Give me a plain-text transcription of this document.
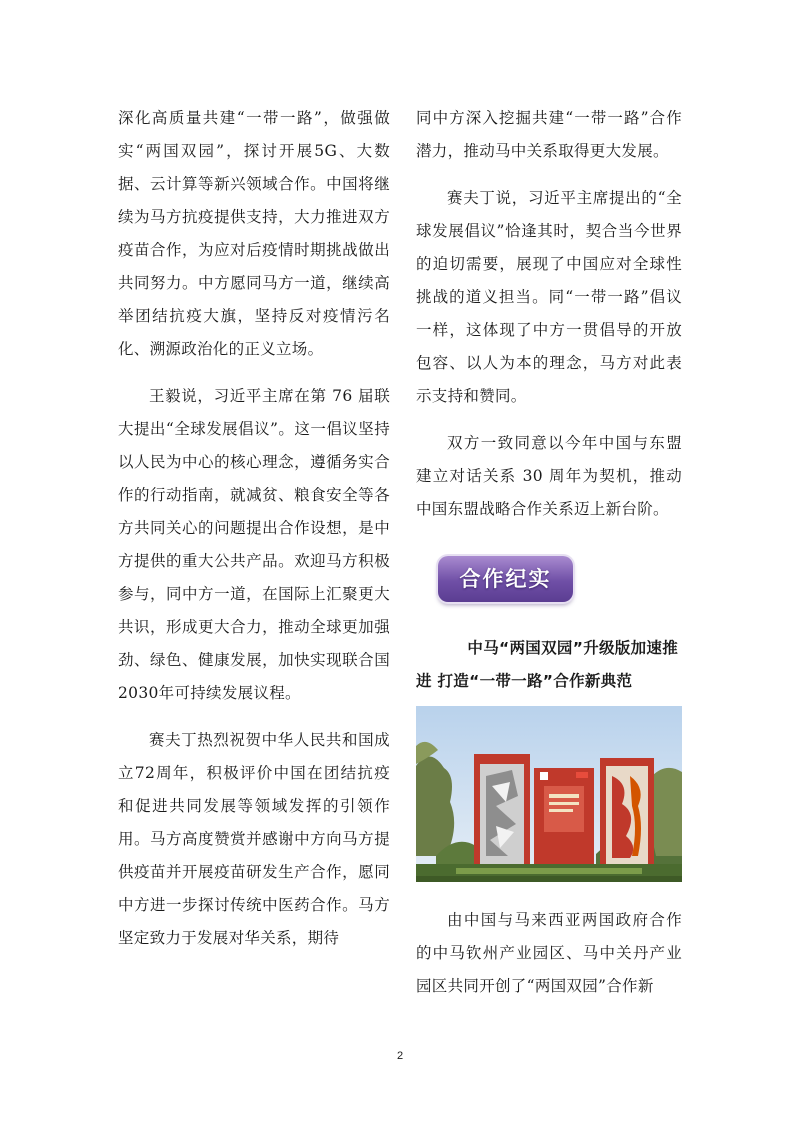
深化高质量共建“一带一路”，做强做实“两国双园”，探讨开展5G、大数据、云计算等新兴领域合作。中国将继续为马方抗疫提供支持，大力推进双方疫苗合作，为应对后疫情时期挑战做出共同努力。中方愿同马方一道，继续高举团结抗疫大旗，坚持反对疫情污名化、溯源政治化的正义立场。

王毅说，习近平主席在第 76 届联大提出“全球发展倡议”。这一倡议坚持以人民为中心的核心理念，遵循务实合作的行动指南，就减贫、粮食安全等各方共同关心的问题提出合作设想，是中方提供的重大公共产品。欢迎马方积极参与，同中方一道，在国际上汇聚更大共识，形成更大合力，推动全球更加强劲、绿色、健康发展，加快实现联合国2030年可持续发展议程。

赛夫丁热烈祝贺中华人民共和国成立72周年，积极评价中国在团结抗疫和促进共同发展等领域发挥的引领作用。马方高度赞赏并感谢中方向马方提供疫苗并开展疫苗研发生产合作，愿同中方进一步探讨传统中医药合作。马方坚定致力于发展对华关系，期待

同中方深入挖掘共建“一带一路”合作潜力，推动马中关系取得更大发展。

赛夫丁说，习近平主席提出的“全球发展倡议”恰逢其时，契合当今世界的迫切需要，展现了中国应对全球性挑战的道义担当。同“一带一路”倡议一样，这体现了中方一贯倡导的开放包容、以人为本的理念，马方对此表示支持和赞同。

双方一致同意以今年中国与东盟建立对话关系 30 周年为契机，推动中国东盟战略合作关系迈上新台阶。

合作纪实

中马“两国双园”升级版加速推
进 打造“一带一路”合作新典范

由中国与马来西亚两国政府合作的中马钦州产业园区、马中关丹产业园区共同开创了“两国双园”合作新

2
